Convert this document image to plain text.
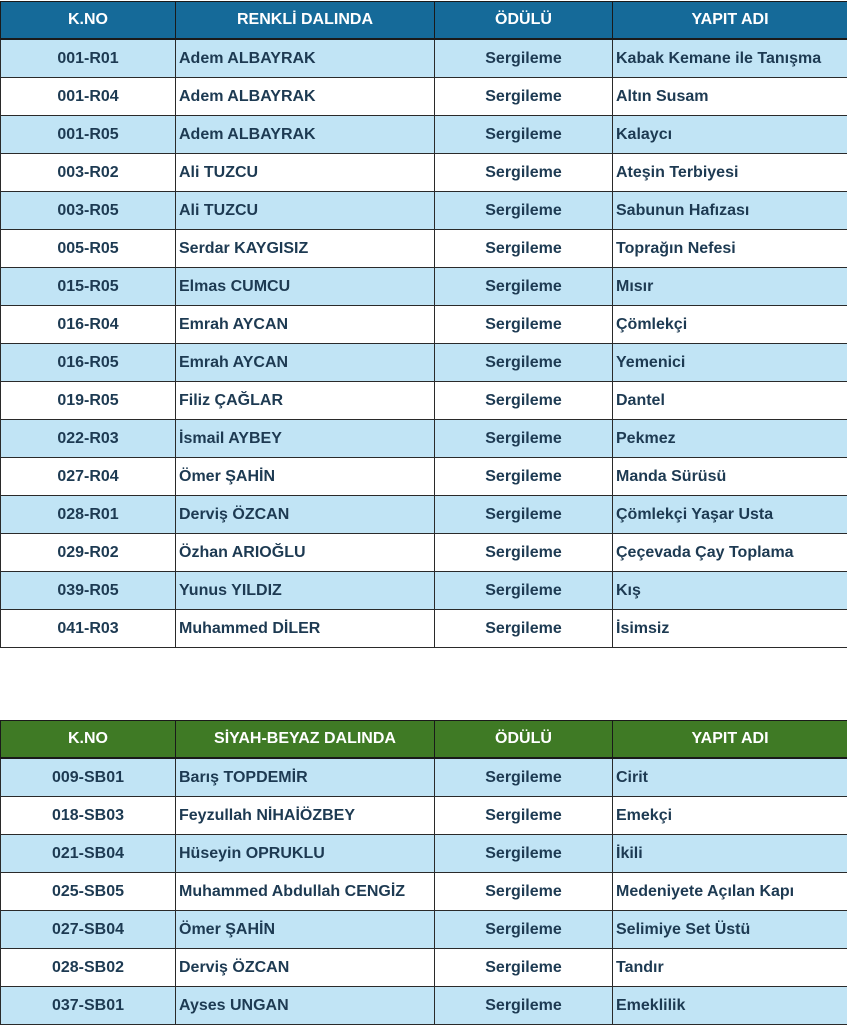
K.NO	RENKLİ DALINDA	ÖDÜLÜ	YAPIT ADI
001-R01	Adem ALBAYRAK	Sergileme	Kabak Kemane ile Tanışma
001-R04	Adem ALBAYRAK	Sergileme	Altın Susam
001-R05	Adem ALBAYRAK	Sergileme	Kalaycı
003-R02	Ali TUZCU	Sergileme	Ateşin Terbiyesi
003-R05	Ali TUZCU	Sergileme	Sabunun Hafızası
005-R05	Serdar KAYGISIZ	Sergileme	Toprağın Nefesi
015-R05	Elmas CUMCU	Sergileme	Mısır
016-R04	Emrah AYCAN	Sergileme	Çömlekçi
016-R05	Emrah AYCAN	Sergileme	Yemenici
019-R05	Filiz ÇAĞLAR	Sergileme	Dantel
022-R03	İsmail AYBEY	Sergileme	Pekmez
027-R04	Ömer ŞAHİN	Sergileme	Manda Sürüsü
028-R01	Derviş ÖZCAN	Sergileme	Çömlekçi Yaşar Usta
029-R02	Özhan ARIOĞLU	Sergileme	Çeçevada Çay Toplama
039-R05	Yunus YILDIZ	Sergileme	Kış
041-R03	Muhammed DİLER	Sergileme	İsimsiz
K.NO	SİYAH-BEYAZ DALINDA	ÖDÜLÜ	YAPIT ADI
009-SB01	Barış TOPDEMİR	Sergileme	Cirit
018-SB03	Feyzullah NİHAİÖZBEY	Sergileme	Emekçi
021-SB04	Hüseyin OPRUKLU	Sergileme	İkili
025-SB05	Muhammed Abdullah CENGİZ	Sergileme	Medeniyete Açılan Kapı
027-SB04	Ömer ŞAHİN	Sergileme	Selimiye Set Üstü
028-SB02	Derviş ÖZCAN	Sergileme	Tandır
037-SB01	Ayses UNGAN	Sergileme	Emeklilik
